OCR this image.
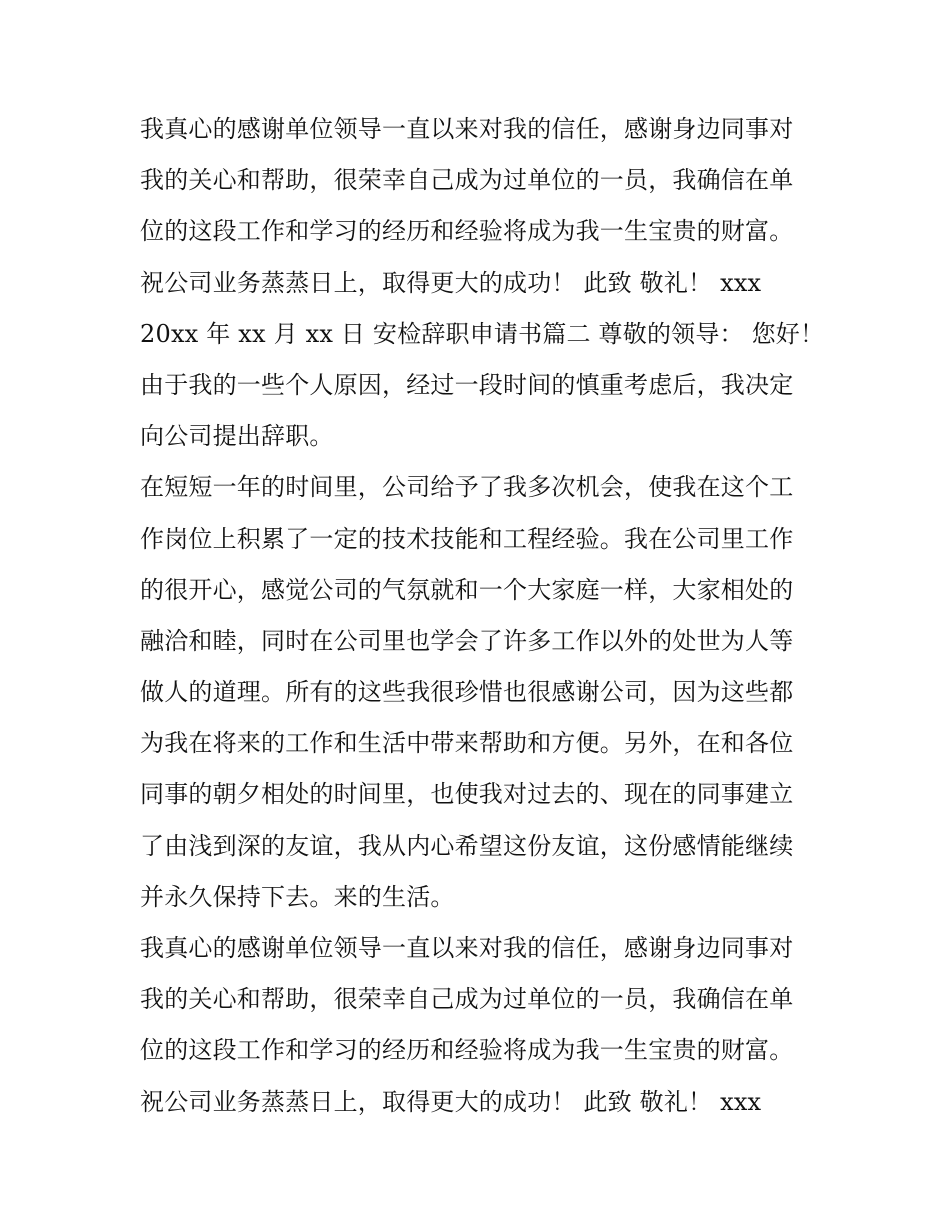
我真心的感谢单位领导一直以来对我的信任，感谢身边同事对
我的关心和帮助，很荣幸自己成为过单位的一员，我确信在单
位的这段工作和学习的经历和经验将成为我一生宝贵的财富。
祝公司业务蒸蒸日上，取得更大的成功！ 此致 敬礼！ xxx
20xx 年 xx 月 xx 日 安检辞职申请书篇二 尊敬的领导： 您好！
由于我的一些个人原因，经过一段时间的慎重考虑后，我决定
向公司提出辞职。
在短短一年的时间里，公司给予了我多次机会，使我在这个工
作岗位上积累了一定的技术技能和工程经验。我在公司里工作
的很开心，感觉公司的气氛就和一个大家庭一样，大家相处的
融洽和睦，同时在公司里也学会了许多工作以外的处世为人等
做人的道理。所有的这些我很珍惜也很感谢公司，因为这些都
为我在将来的工作和生活中带来帮助和方便。另外，在和各位
同事的朝夕相处的时间里，也使我对过去的、现在的同事建立
了由浅到深的友谊，我从内心希望这份友谊，这份感情能继续
并永久保持下去。来的生活。
我真心的感谢单位领导一直以来对我的信任，感谢身边同事对
我的关心和帮助，很荣幸自己成为过单位的一员，我确信在单
位的这段工作和学习的经历和经验将成为我一生宝贵的财富。
祝公司业务蒸蒸日上，取得更大的成功！ 此致 敬礼！ xxx
